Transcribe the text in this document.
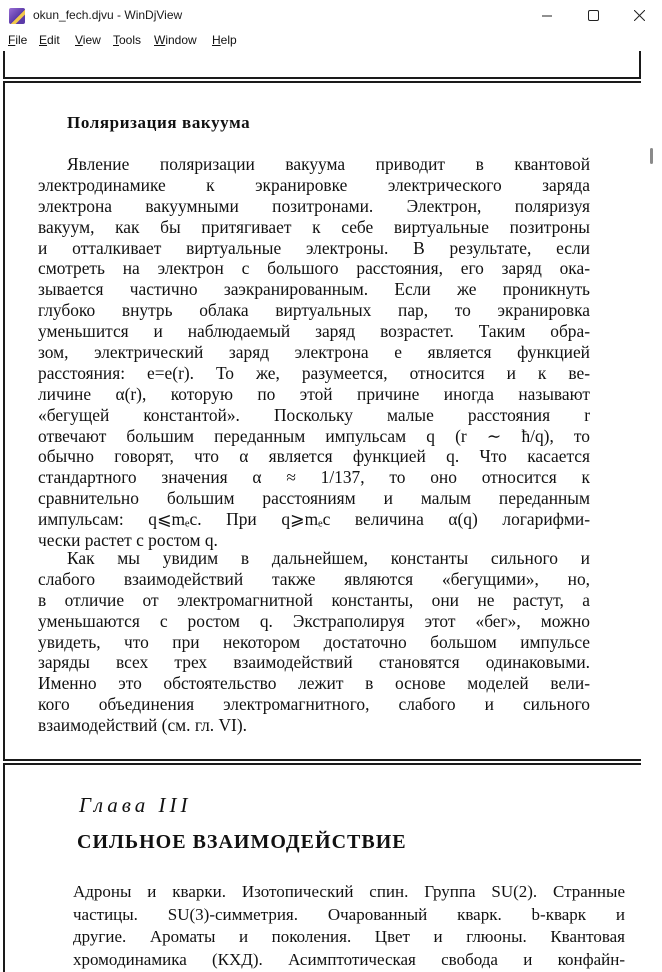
okun_fech.djvu - WinDjView
File Edit View Tools Window Help
Поляризация вакуума
Явление поляризации вакуума приводит в квантовой
электродинамике к экранировке электрического заряда
электрона вакуумными позитронами. Электрон, поляризуя
вакуум, как бы притягивает к себе виртуальные позитроны
и отталкивает виртуальные электроны. В результате, если
смотреть на электрон с большого расстояния, его заряд ока-
зывается частично заэкранированным. Если же проникнуть
глубоко внутрь облака виртуальных пар, то экранировка
уменьшится и наблюдаемый заряд возрастет. Таким обра-
зом, электрический заряд электрона e является функцией
расстояния: e=e(r). То же, разумеется, относится и к ве-
личине α(r), которую по этой причине иногда называют
«бегущей константой». Поскольку малые расстояния r
отвечают большим переданным импульсам q (r ∼ ħ/q), то
обычно говорят, что α является функцией q. Что касается
стандартного значения α ≈ 1/137, то оно относится к
сравнительно большим расстояниям и малым переданным
импульсам: q⩽mₑc. При q⩾mₑc величина α(q) логарифми-
чески растет с ростом q.
Как мы увидим в дальнейшем, константы сильного и
слабого взаимодействий также являются «бегущими», но,
в отличие от электромагнитной константы, они не растут, а
уменьшаются с ростом q. Экстраполируя этот «бег», можно
увидеть, что при некотором достаточно большом импульсе
заряды всех трех взаимодействий становятся одинаковыми.
Именно это обстоятельство лежит в основе моделей вели-
кого объединения электромагнитного, слабого и сильного
взаимодействий (см. гл. VI).
Глава III
СИЛЬНОЕ ВЗАИМОДЕЙСТВИЕ
Адроны и кварки. Изотопический спин. Группа SU(2). Странные
частицы. SU(3)-симметрия. Очарованный кварк. b-кварк и
другие. Ароматы и поколения. Цвет и глюоны. Квантовая
хромодинамика (КХД). Асимптотическая свобода и конфайн-
